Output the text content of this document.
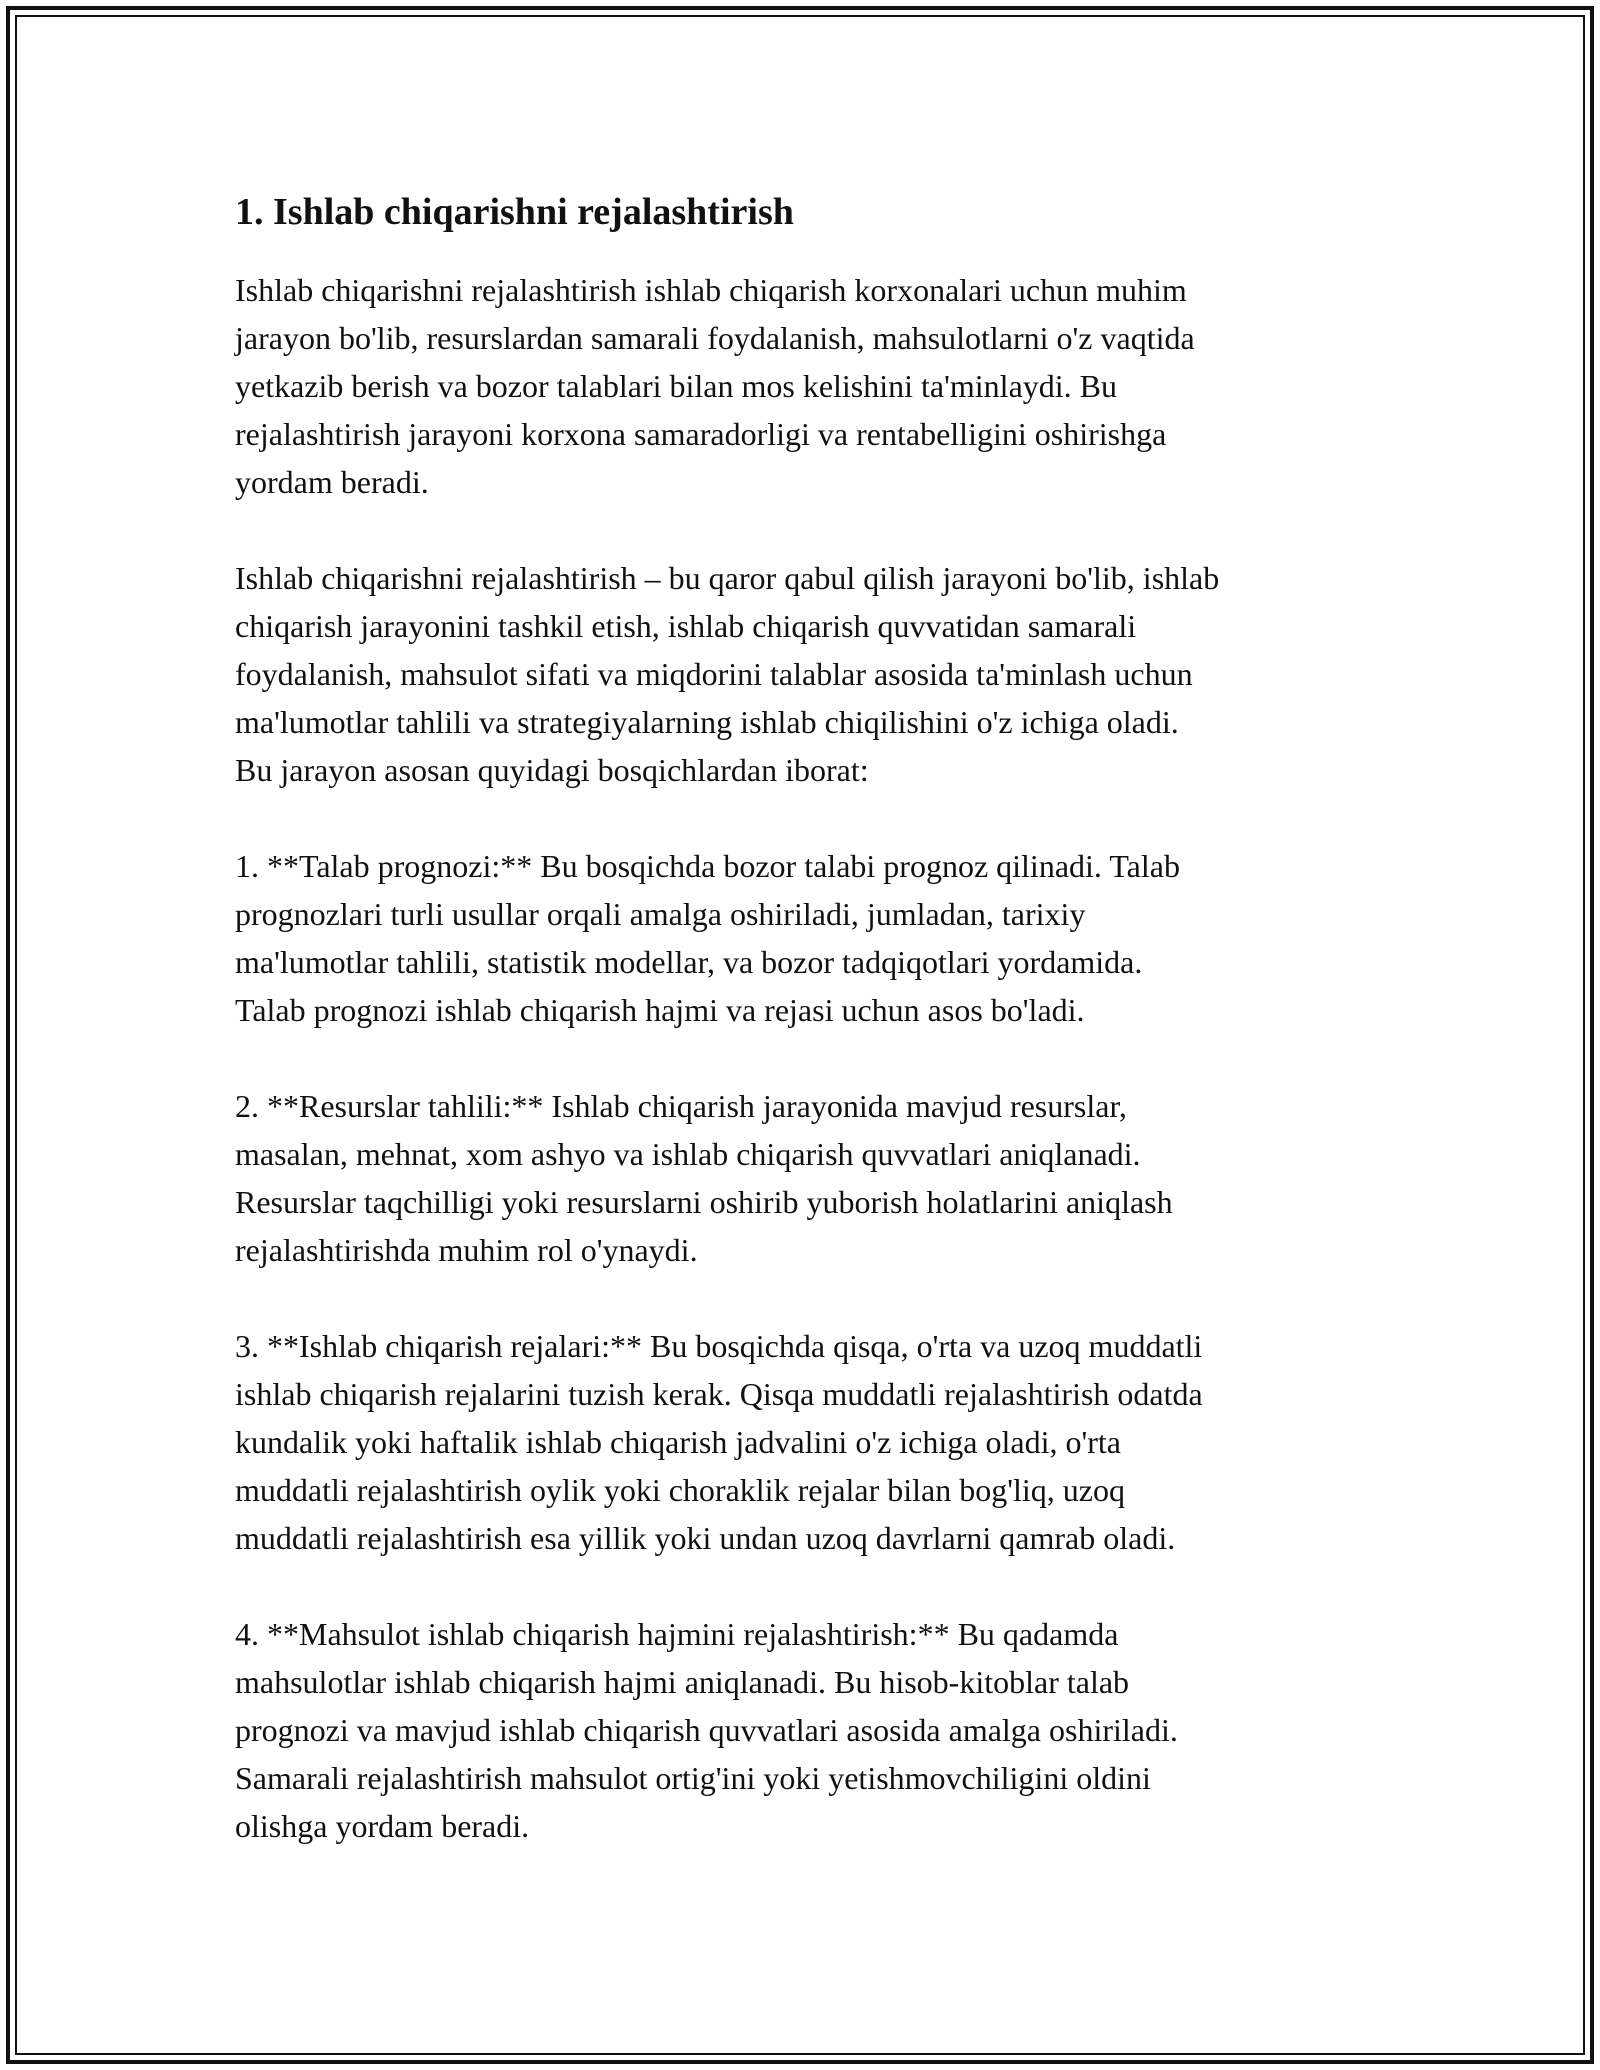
1. Ishlab chiqarishni rejalashtirish

Ishlab chiqarishni rejalashtirish ishlab chiqarish korxonalari uchun muhim
jarayon bo'lib, resurslardan samarali foydalanish, mahsulotlarni o'z vaqtida
yetkazib berish va bozor talablari bilan mos kelishini ta'minlaydi. Bu
rejalashtirish jarayoni korxona samaradorligi va rentabelligini oshirishga
yordam beradi.

Ishlab chiqarishni rejalashtirish – bu qaror qabul qilish jarayoni bo'lib, ishlab
chiqarish jarayonini tashkil etish, ishlab chiqarish quvvatidan samarali
foydalanish, mahsulot sifati va miqdorini talablar asosida ta'minlash uchun
ma'lumotlar tahlili va strategiyalarning ishlab chiqilishini o'z ichiga oladi.
Bu jarayon asosan quyidagi bosqichlardan iborat:

1. **Talab prognozi:** Bu bosqichda bozor talabi prognoz qilinadi. Talab
prognozlari turli usullar orqali amalga oshiriladi, jumladan, tarixiy
ma'lumotlar tahlili, statistik modellar, va bozor tadqiqotlari yordamida.
Talab prognozi ishlab chiqarish hajmi va rejasi uchun asos bo'ladi.

2. **Resurslar tahlili:** Ishlab chiqarish jarayonida mavjud resurslar,
masalan, mehnat, xom ashyo va ishlab chiqarish quvvatlari aniqlanadi.
Resurslar taqchilligi yoki resurslarni oshirib yuborish holatlarini aniqlash
rejalashtirishda muhim rol o'ynaydi.

3. **Ishlab chiqarish rejalari:** Bu bosqichda qisqa, o'rta va uzoq muddatli
ishlab chiqarish rejalarini tuzish kerak. Qisqa muddatli rejalashtirish odatda
kundalik yoki haftalik ishlab chiqarish jadvalini o'z ichiga oladi, o'rta
muddatli rejalashtirish oylik yoki choraklik rejalar bilan bog'liq, uzoq
muddatli rejalashtirish esa yillik yoki undan uzoq davrlarni qamrab oladi.

4. **Mahsulot ishlab chiqarish hajmini rejalashtirish:** Bu qadamda
mahsulotlar ishlab chiqarish hajmi aniqlanadi. Bu hisob-kitoblar talab
prognozi va mavjud ishlab chiqarish quvvatlari asosida amalga oshiriladi.
Samarali rejalashtirish mahsulot ortig'ini yoki yetishmovchiligini oldini
olishga yordam beradi.
